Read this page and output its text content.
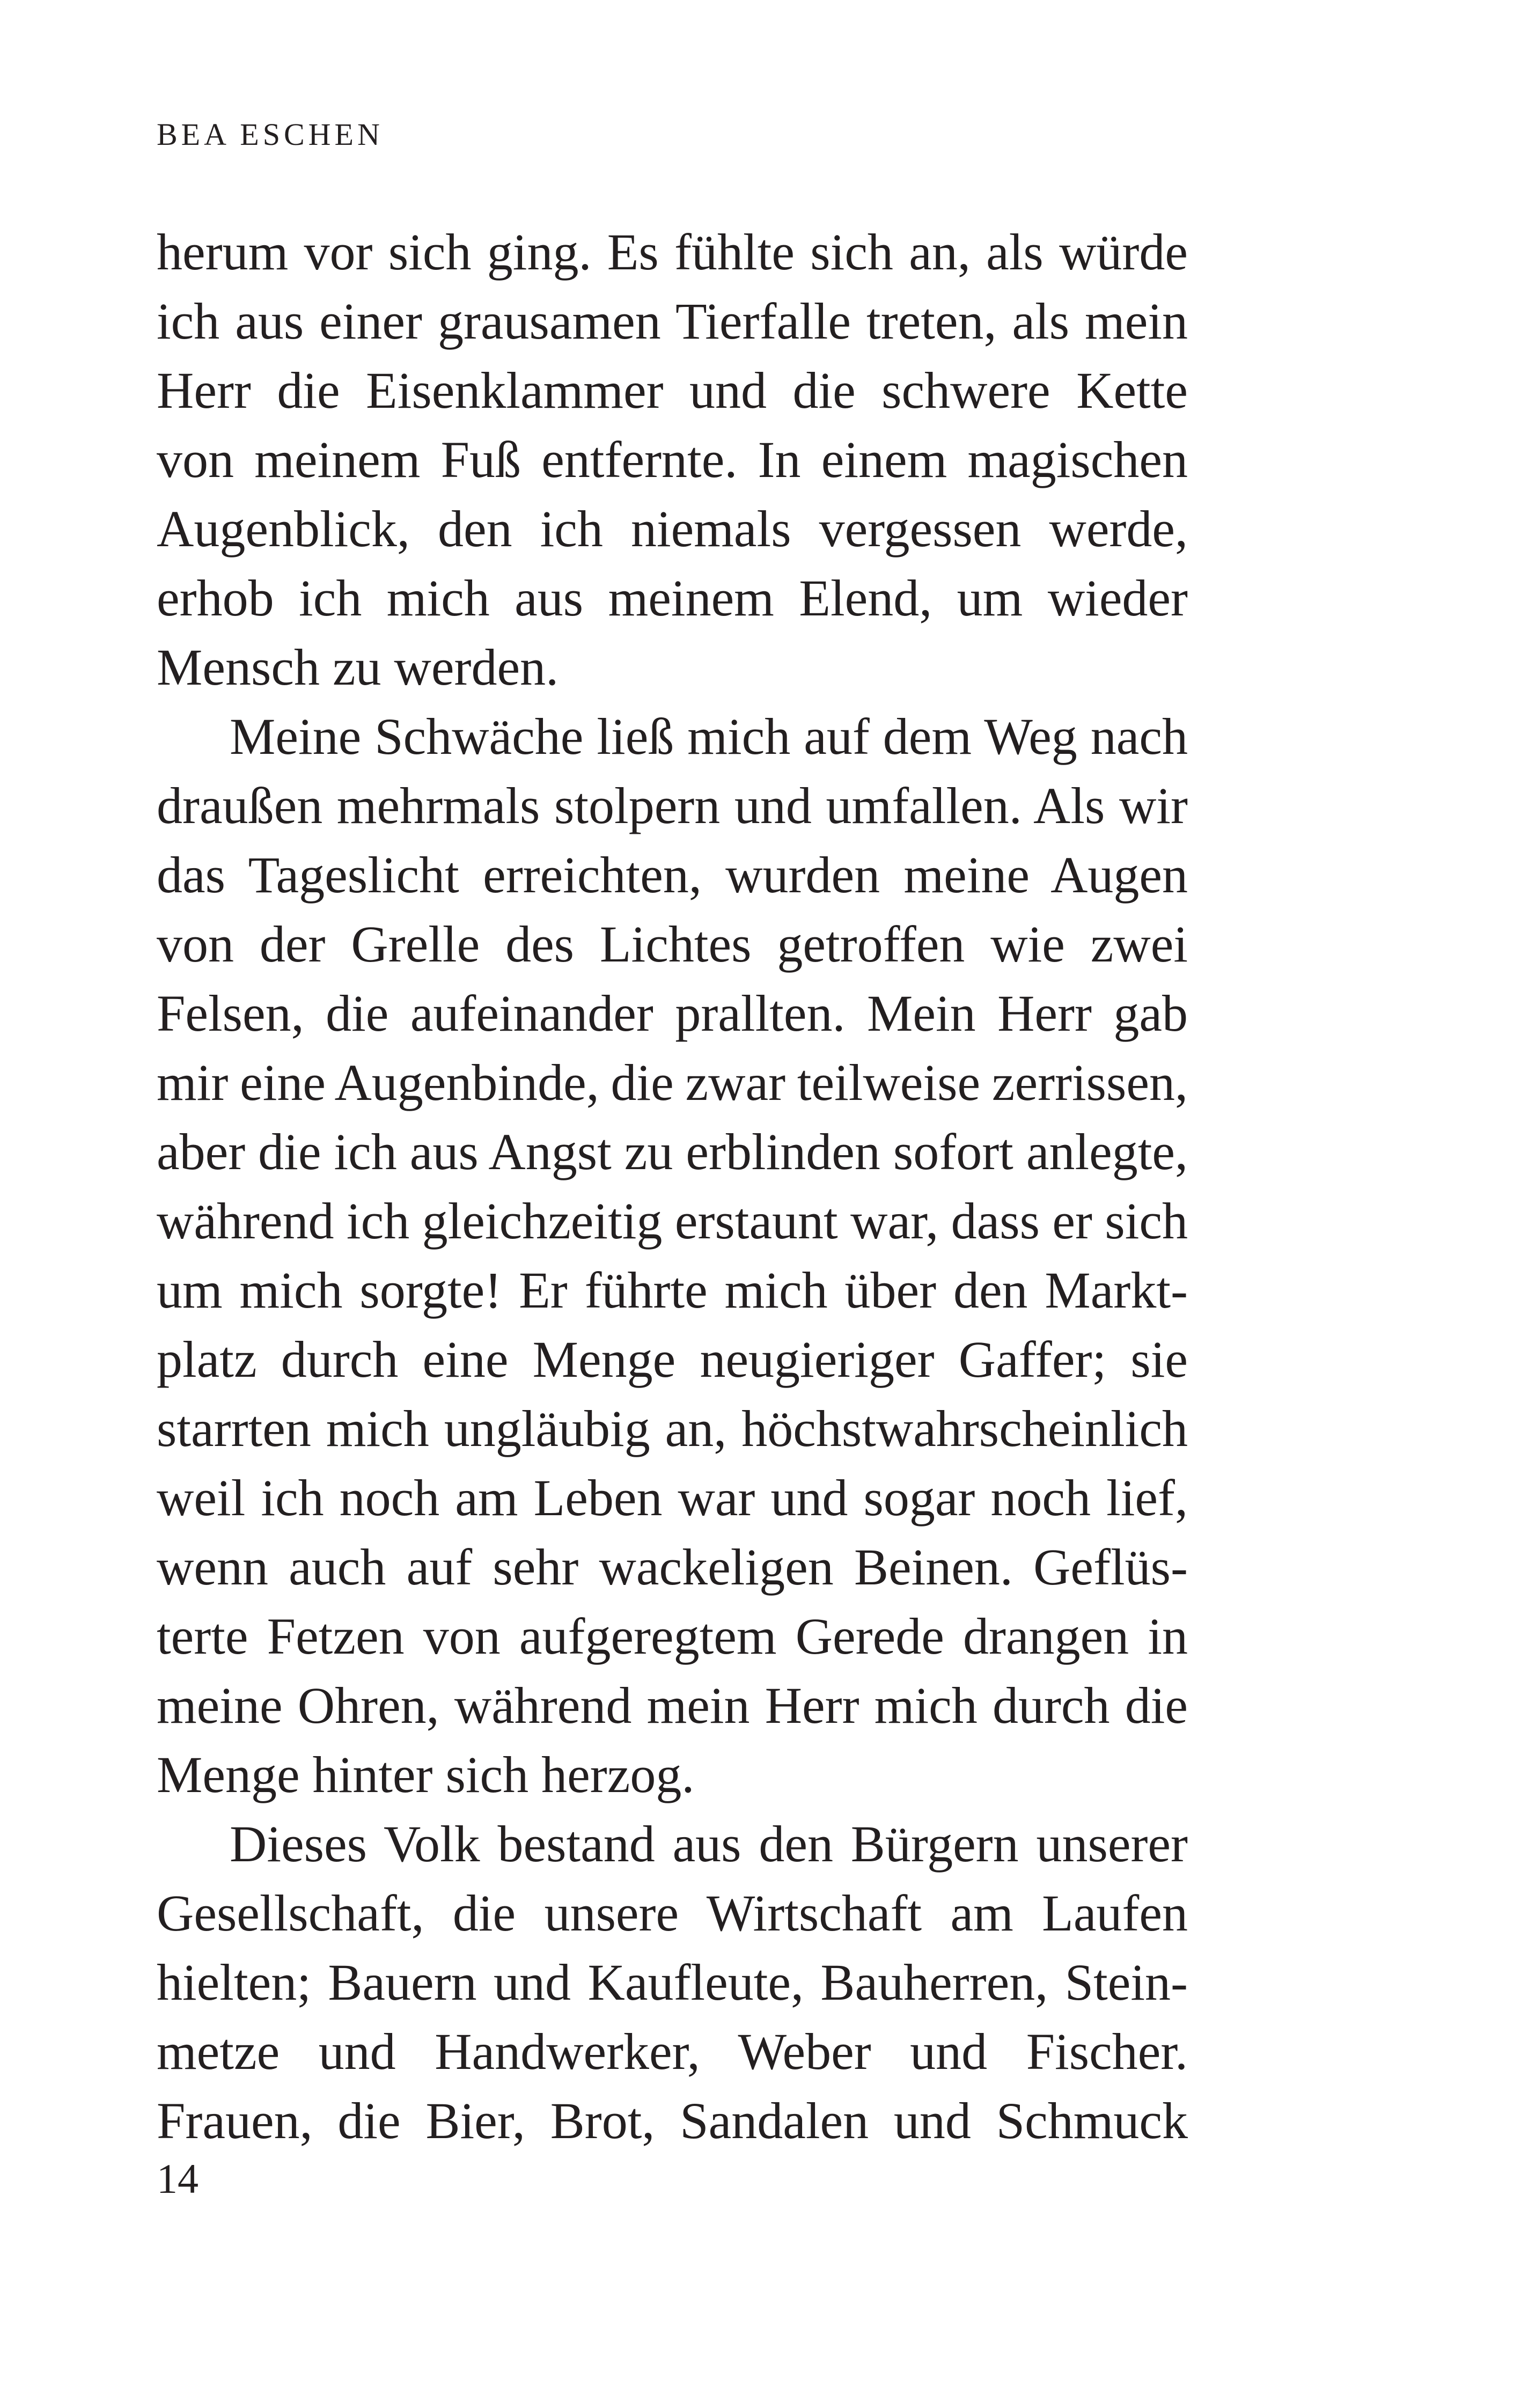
BEA ESCHEN

herum vor sich ging. Es fühlte sich an, als würde
ich aus einer grausamen Tierfalle treten, als mein
Herr die Eisenklammer und die schwere Kette
von meinem Fuß entfernte. In einem magischen
Augenblick, den ich niemals vergessen werde,
erhob ich mich aus meinem Elend, um wieder
Mensch zu werden.

Meine Schwäche ließ mich auf dem Weg nach
draußen mehrmals stolpern und umfallen. Als wir
das Tageslicht erreichten, wurden meine Augen
von der Grelle des Lichtes getroffen wie zwei
Felsen, die aufeinander prallten. Mein Herr gab
mir eine Augenbinde, die zwar teilweise zerrissen,
aber die ich aus Angst zu erblinden sofort anlegte,
während ich gleichzeitig erstaunt war, dass er sich
um mich sorgte! Er führte mich über den Markt-
platz durch eine Menge neugieriger Gaffer; sie
starrten mich ungläubig an, höchstwahrscheinlich
weil ich noch am Leben war und sogar noch lief,
wenn auch auf sehr wackeligen Beinen. Geflüs-
terte Fetzen von aufgeregtem Gerede drangen in
meine Ohren, während mein Herr mich durch die
Menge hinter sich herzog.

Dieses Volk bestand aus den Bürgern unserer
Gesellschaft, die unsere Wirtschaft am Laufen
hielten; Bauern und Kaufleute, Bauherren, Stein-
metze und Handwerker, Weber und Fischer.
Frauen, die Bier, Brot, Sandalen und Schmuck

14
